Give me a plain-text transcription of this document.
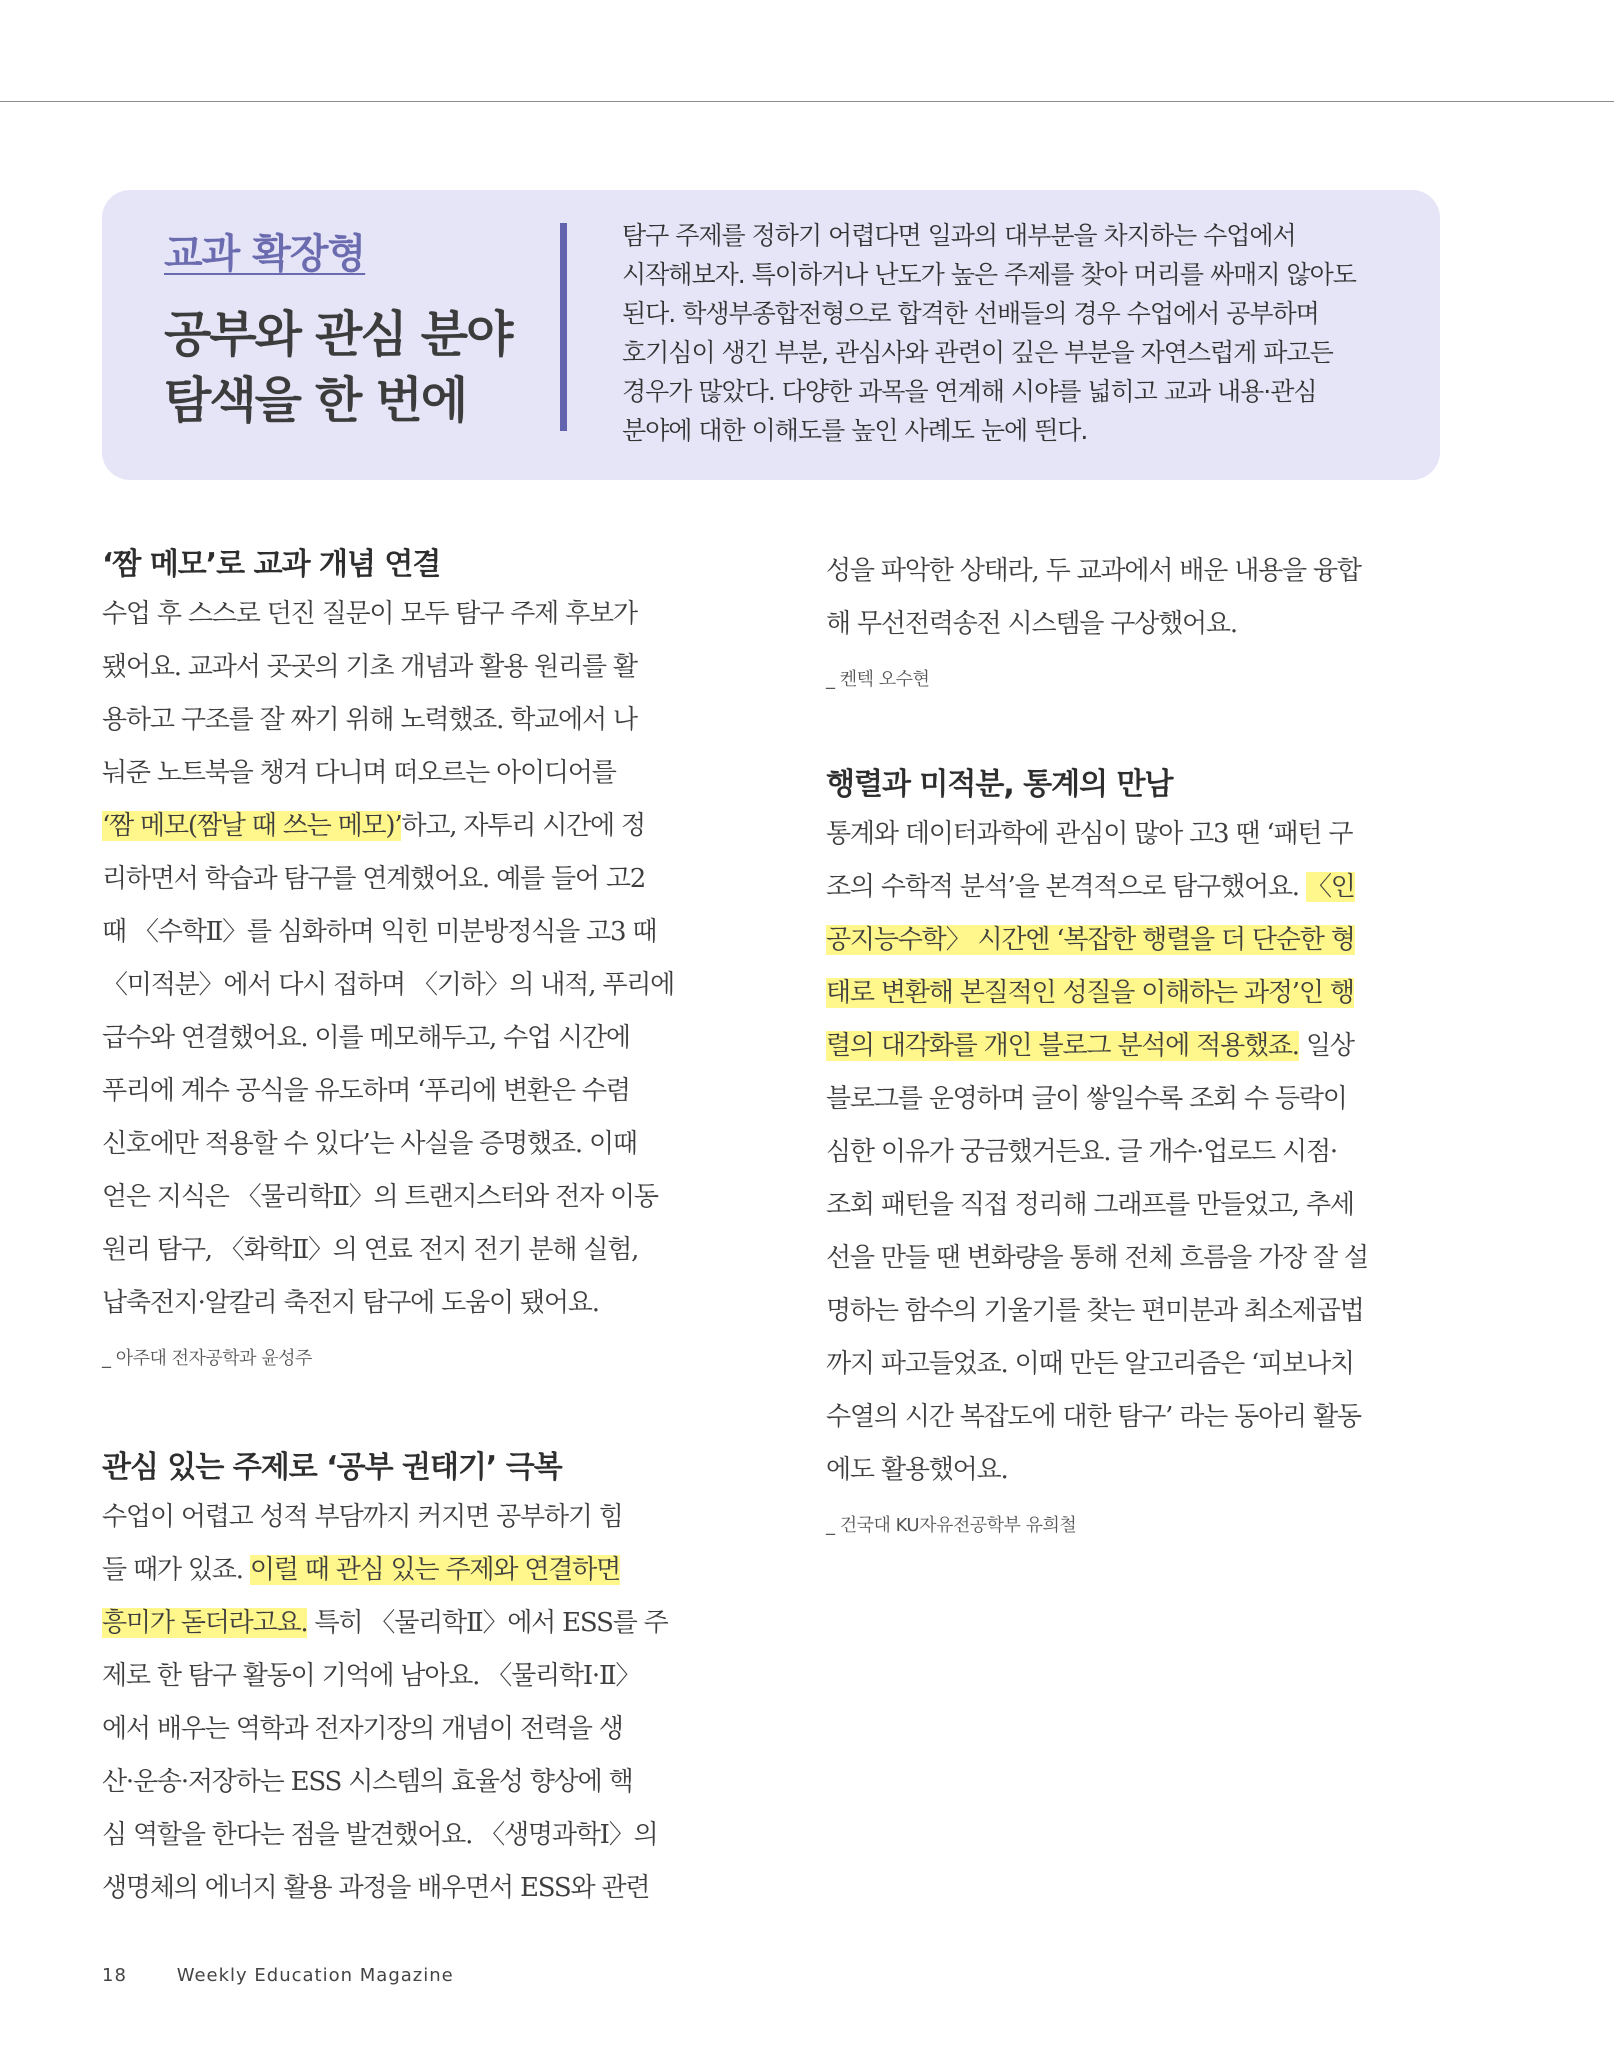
교과 확장형
공부와 관심 분야
탐색을 한 번에
탐구 주제를 정하기 어렵다면 일과의 대부분을 차지하는 수업에서
시작해보자. 특이하거나 난도가 높은 주제를 찾아 머리를 싸매지 않아도
된다. 학생부종합전형으로 합격한 선배들의 경우 수업에서 공부하며
호기심이 생긴 부분, 관심사와 관련이 깊은 부분을 자연스럽게 파고든
경우가 많았다. 다양한 과목을 연계해 시야를 넓히고 교과 내용·관심
분야에 대한 이해도를 높인 사례도 눈에 띈다.
‘짬 메모’로 교과 개념 연결
수업 후 스스로 던진 질문이 모두 탐구 주제 후보가
됐어요. 교과서 곳곳의 기초 개념과 활용 원리를 활
용하고 구조를 잘 짜기 위해 노력했죠. 학교에서 나
눠준 노트북을 챙겨 다니며 떠오르는 아이디어를
‘짬 메모(짬날 때 쓰는 메모)’하고, 자투리 시간에 정
리하면서 학습과 탐구를 연계했어요. 예를 들어 고2
때 〈수학Ⅱ〉를 심화하며 익힌 미분방정식을 고3 때
〈미적분〉에서 다시 접하며 〈기하〉의 내적, 푸리에
급수와 연결했어요. 이를 메모해두고, 수업 시간에
푸리에 계수 공식을 유도하며 ‘푸리에 변환은 수렴
신호에만 적용할 수 있다’는 사실을 증명했죠. 이때
얻은 지식은 〈물리학Ⅱ〉의 트랜지스터와 전자 이동
원리 탐구, 〈화학Ⅱ〉의 연료 전지 전기 분해 실험,
납축전지·알칼리 축전지 탐구에 도움이 됐어요.
_ 아주대 전자공학과 윤성주
관심 있는 주제로 ‘공부 권태기’ 극복
수업이 어렵고 성적 부담까지 커지면 공부하기 힘
들 때가 있죠. 이럴 때 관심 있는 주제와 연결하면
흥미가 돋더라고요. 특히 〈물리학Ⅱ〉에서 ESS를 주
제로 한 탐구 활동이 기억에 남아요. 〈물리학Ⅰ·Ⅱ〉
에서 배우는 역학과 전자기장의 개념이 전력을 생
산·운송·저장하는 ESS 시스템의 효율성 향상에 핵
심 역할을 한다는 점을 발견했어요. 〈생명과학Ⅰ〉의
생명체의 에너지 활용 과정을 배우면서 ESS와 관련
성을 파악한 상태라, 두 교과에서 배운 내용을 융합
해 무선전력송전 시스템을 구상했어요.
_ 켄텍 오수현
행렬과 미적분, 통계의 만남
통계와 데이터과학에 관심이 많아 고3 땐 ‘패턴 구
조의 수학적 분석’을 본격적으로 탐구했어요. 〈인
공지능수학〉 시간엔 ‘복잡한 행렬을 더 단순한 형
태로 변환해 본질적인 성질을 이해하는 과정’인 행
렬의 대각화를 개인 블로그 분석에 적용했죠. 일상
블로그를 운영하며 글이 쌓일수록 조회 수 등락이
심한 이유가 궁금했거든요. 글 개수·업로드 시점·
조회 패턴을 직접 정리해 그래프를 만들었고, 추세
선을 만들 땐 변화량을 통해 전체 흐름을 가장 잘 설
명하는 함수의 기울기를 찾는 편미분과 최소제곱법
까지 파고들었죠. 이때 만든 알고리즘은 ‘피보나치
수열의 시간 복잡도에 대한 탐구’ 라는 동아리 활동
에도 활용했어요.
_ 건국대 KU자유전공학부 유희철
18	Weekly Education Magazine
